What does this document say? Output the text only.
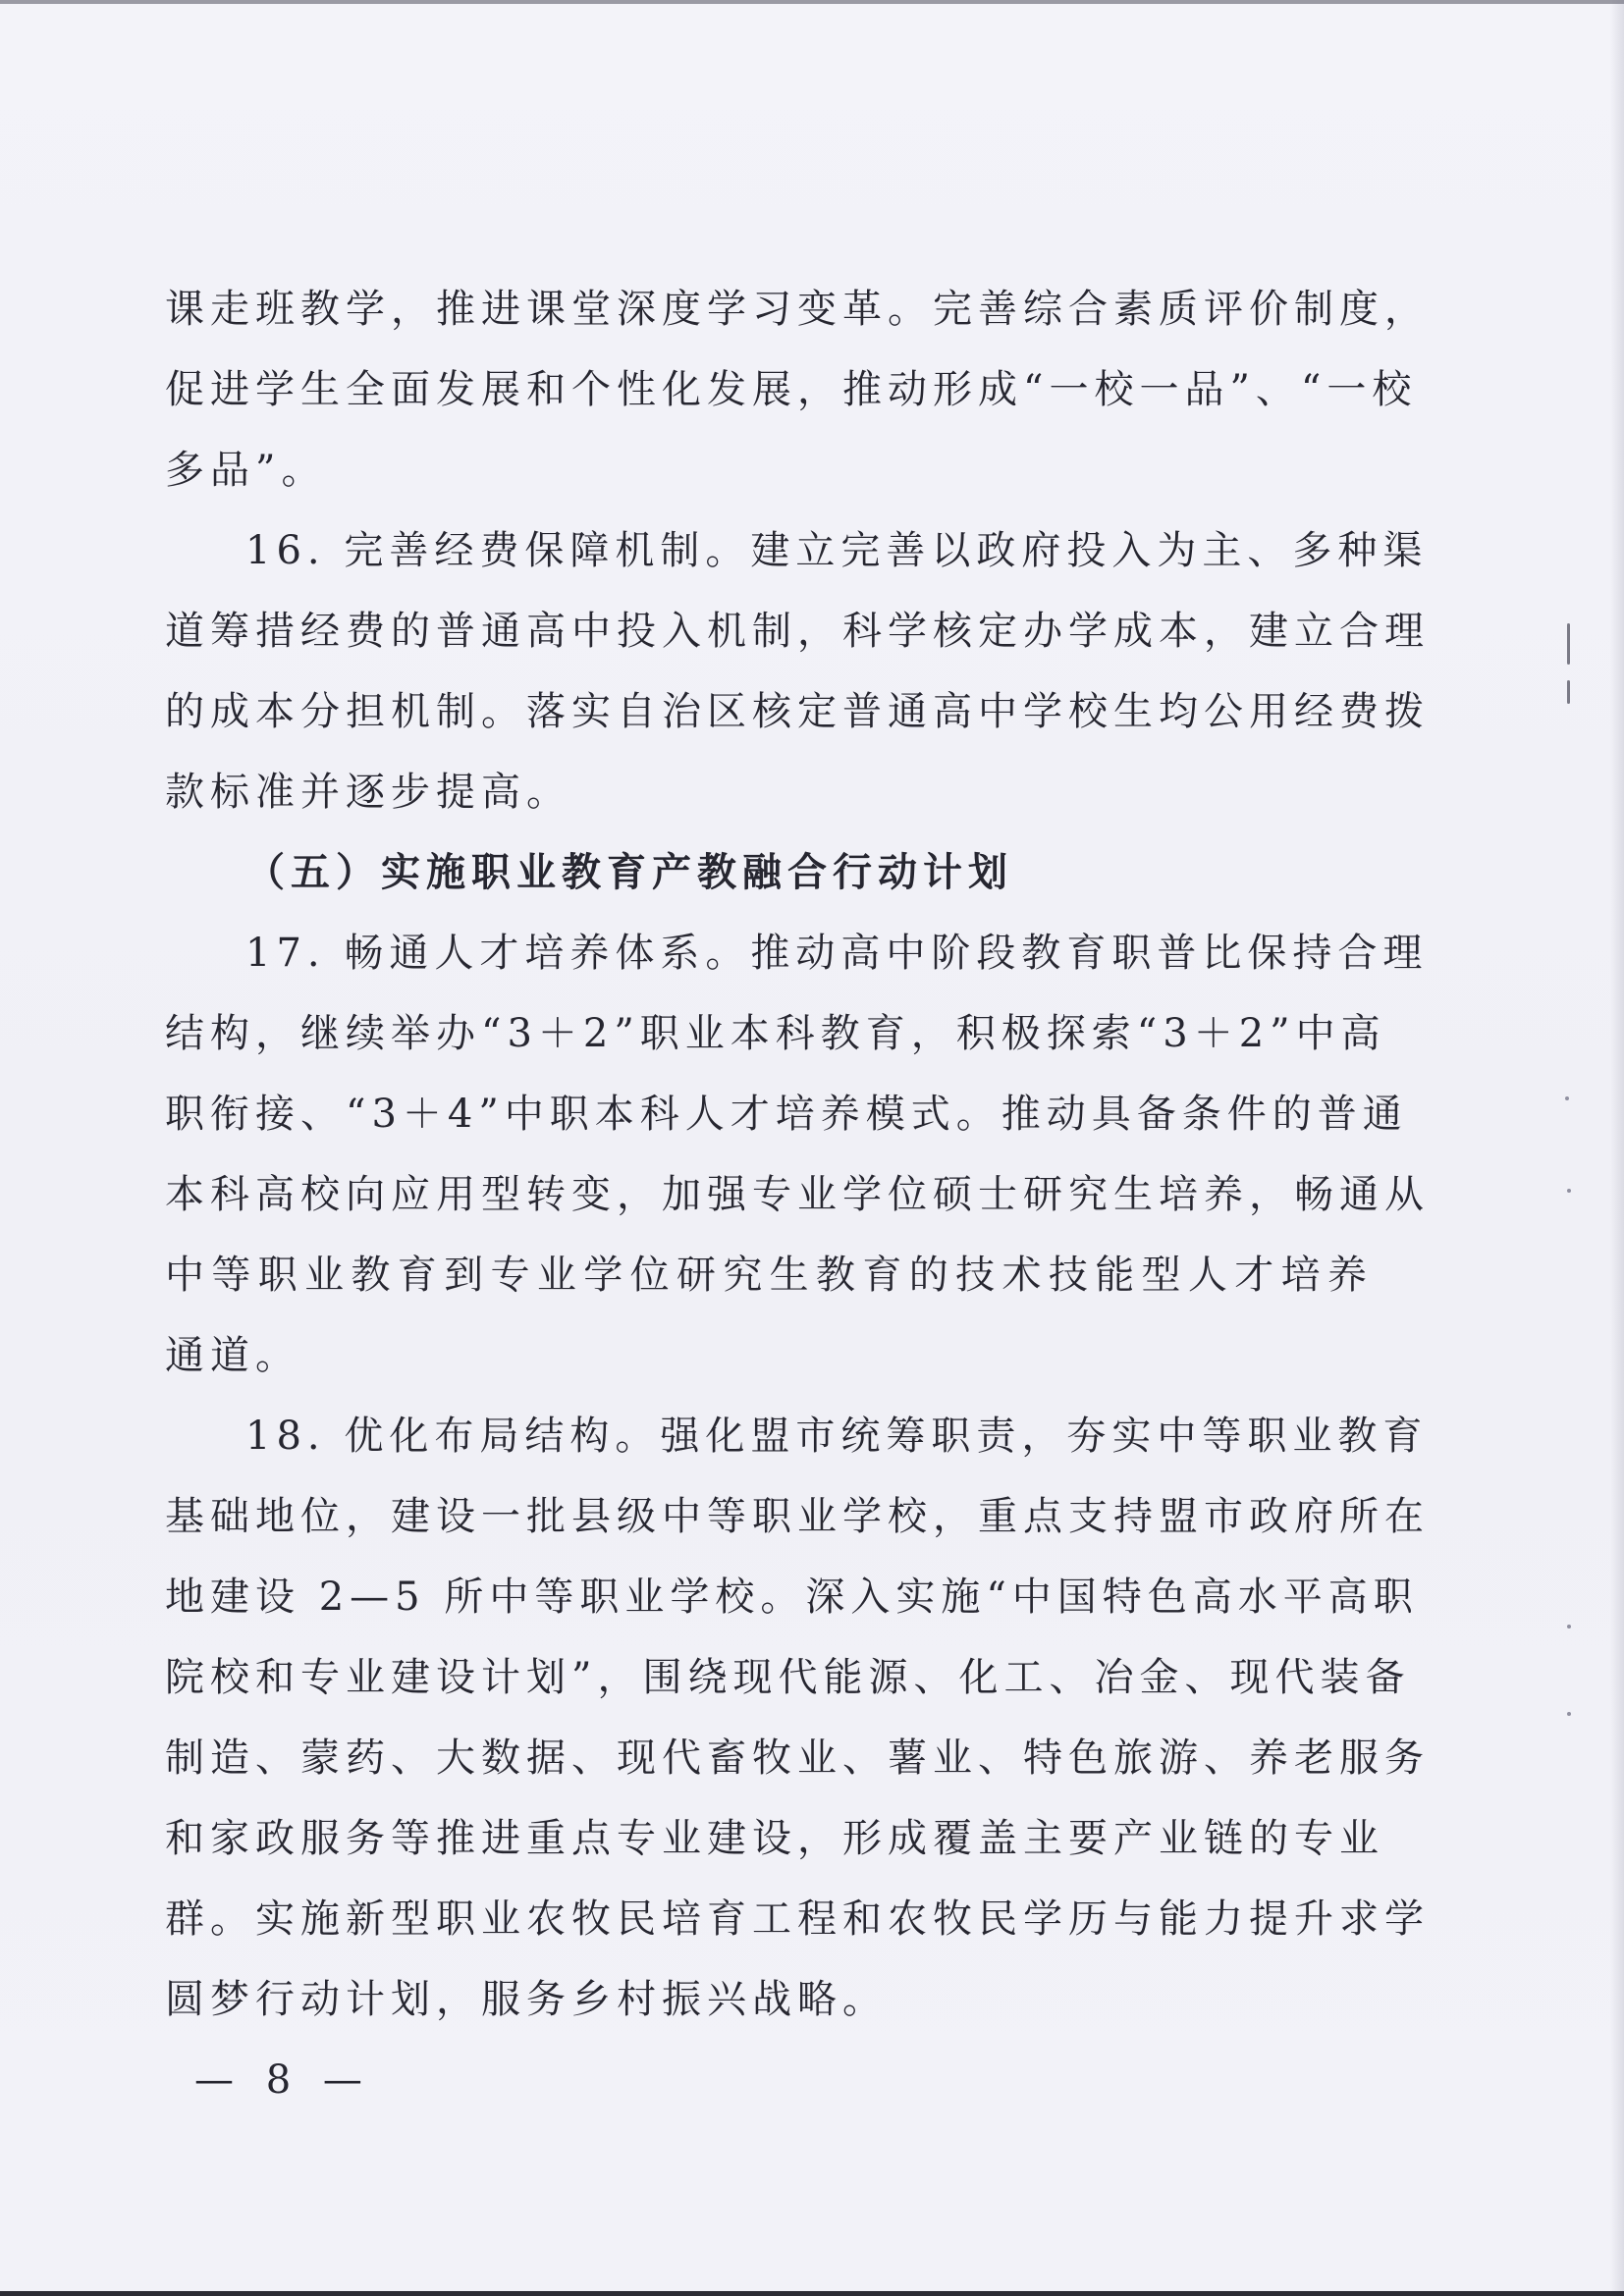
课走班教学，推进课堂深度学习变革。完善综合素质评价制度，

促进学生全面发展和个性化发展，推动形成“一校一品”、“一校

多品”。

16. 完善经费保障机制。建立完善以政府投入为主、多种渠

道筹措经费的普通高中投入机制，科学核定办学成本，建立合理

的成本分担机制。落实自治区核定普通高中学校生均公用经费拨

款标准并逐步提高。

（五）实施职业教育产教融合行动计划

17. 畅通人才培养体系。推动高中阶段教育职普比保持合理

结构，继续举办“3＋2”职业本科教育，积极探索“3＋2”中高

职衔接、“3＋4”中职本科人才培养模式。推动具备条件的普通

本科高校向应用型转变，加强专业学位硕士研究生培养，畅通从

中等职业教育到专业学位研究生教育的技术技能型人才培养

通道。

18. 优化布局结构。强化盟市统筹职责，夯实中等职业教育

基础地位，建设一批县级中等职业学校，重点支持盟市政府所在

地建设 2—5 所中等职业学校。深入实施“中国特色高水平高职

院校和专业建设计划”，围绕现代能源、化工、冶金、现代装备

制造、蒙药、大数据、现代畜牧业、薯业、特色旅游、养老服务

和家政服务等推进重点专业建设，形成覆盖主要产业链的专业

群。实施新型职业农牧民培育工程和农牧民学历与能力提升求学

圆梦行动计划，服务乡村振兴战略。

— 8 —
